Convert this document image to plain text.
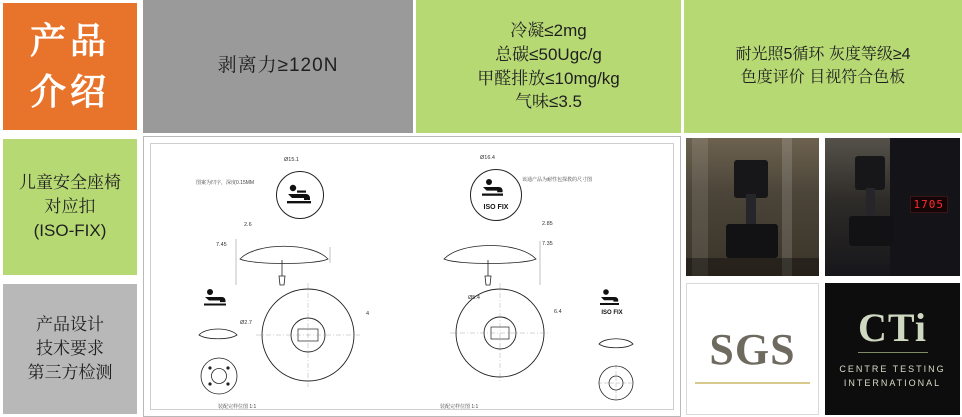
产品
介绍
剥离力≥120N
冷凝≤2mg
总碳≤50Ugc/g
甲醛排放≤10mg/kg
气味≤3.5
耐光照5循环 灰度等级≥4
色度评价 目视符合色板
儿童安全座椅
对应扣
(ISO-FIX)
产品设计
技术要求
第三方检测
图案为凹字，深度0.15MM	该通产品为耐性包探教的尺寸图
Ø15.1
7.45
2.6
Ø2.7
4
装配完样位图 1:1
ISO FIX
Ø16.4
7.35
2.85
Ø5.4
6.4	ISO FIX
装配完样位图 1:1
1705
SGS CTi
CENTRE TESTING
INTERNATIONAL
